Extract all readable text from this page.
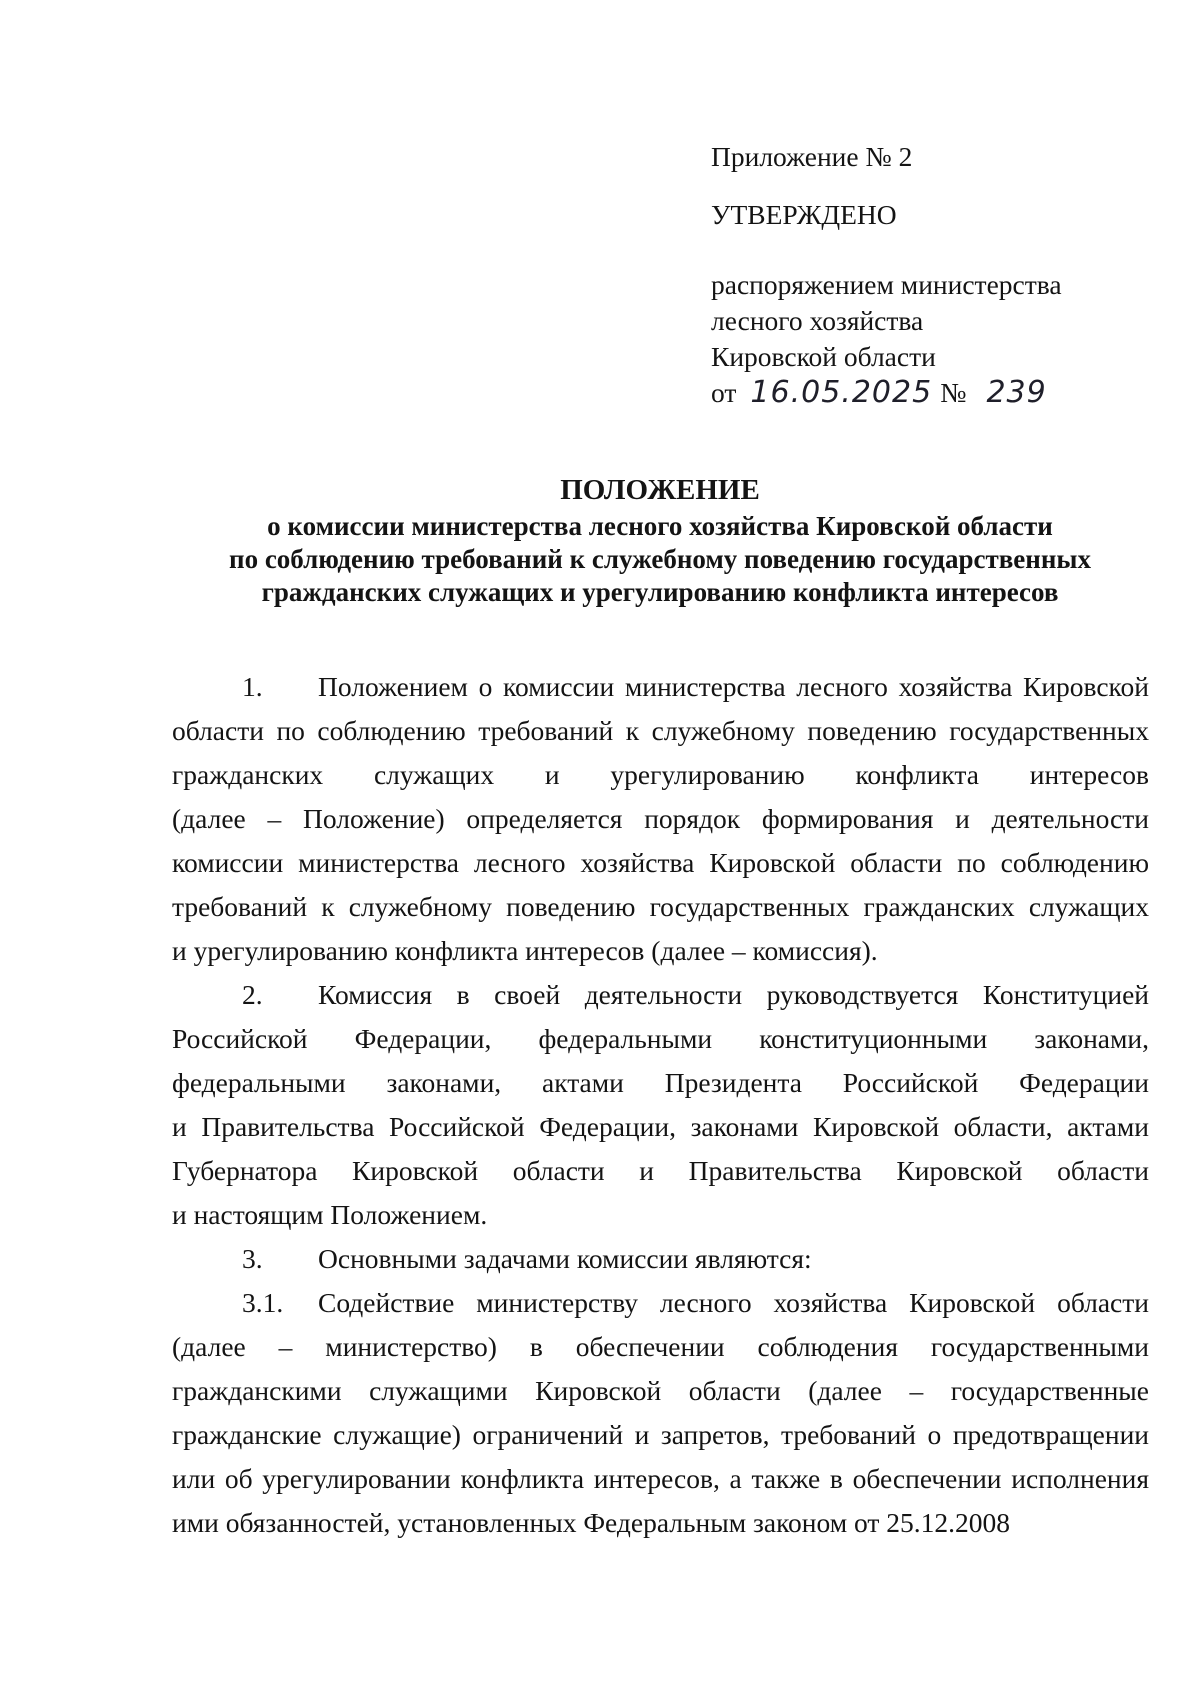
Приложение № 2
УТВЕРЖДЕНО
распоряжением министерства
лесного хозяйства
Кировской области
от 16.05.2025 № 239
ПОЛОЖЕНИЕ
о комиссии министерства лесного хозяйства Кировской области
по соблюдению требований к служебному поведению государственных
гражданских служащих и урегулированию конфликта интересов
1.	Положением о комиссии министерства лесного хозяйства Кировской
области по соблюдению требований к служебному поведению государственных
гражданских служащих и урегулированию конфликта интересов
(далее – Положение) определяется порядок формирования и деятельности
комиссии министерства лесного хозяйства Кировской области по соблюдению
требований к служебному поведению государственных гражданских служащих
и урегулированию конфликта интересов (далее – комиссия).
2.	Комиссия в своей деятельности руководствуется Конституцией
Российской Федерации, федеральными конституционными законами,
федеральными законами, актами Президента Российской Федерации
и Правительства Российской Федерации, законами Кировской области, актами
Губернатора Кировской области и Правительства Кировской области
и настоящим Положением.
3. Основными задачами комиссии являются:
3.1.	Содействие министерству лесного хозяйства Кировской области
(далее – министерство) в обеспечении соблюдения государственными
гражданскими служащими Кировской области (далее – государственные
гражданские служащие) ограничений и запретов, требований о предотвращении
или об урегулировании конфликта интересов, а также в обеспечении исполнения
ими обязанностей, установленных Федеральным законом от 25.12.2008
